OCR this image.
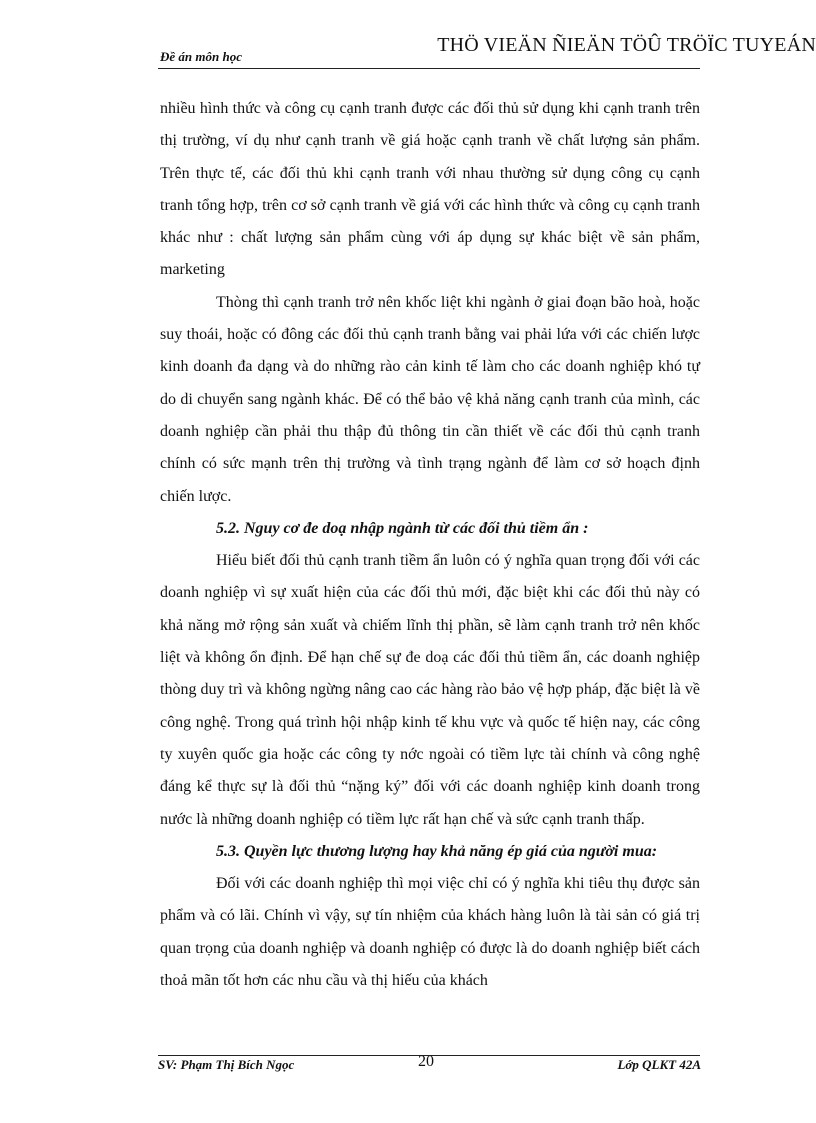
Đề án môn học
THÖ VIEÄN ÑIEÄN TÖÛ TRÖÏC TUYEÁN

nhiều hình thức và công cụ cạnh tranh được các đối thủ sử dụng khi cạnh tranh trên thị trường, ví dụ như cạnh tranh về giá hoặc cạnh tranh về chất lượng sản phẩm. Trên thực tế, các đối thủ khi cạnh tranh với nhau thường sử dụng công cụ cạnh tranh tổng hợp, trên cơ sở cạnh tranh về giá với các hình thức và công cụ cạnh tranh khác như : chất lượng sản phẩm cùng với áp dụng sự khác biệt về sản phẩm, marketing

Thòng thì cạnh tranh trở nên khốc liệt khi ngành ở giai đoạn bão hoà, hoặc suy thoái, hoặc có đông các đối thủ cạnh tranh bằng vai phải lứa với các chiến lược kinh doanh đa dạng và do những rào cản kinh tế làm cho các doanh nghiệp khó tự do di chuyển sang ngành khác. Để có thể bảo vệ khả năng cạnh tranh của mình, các doanh nghiệp cần phải thu thập đủ thông tin cần thiết về các đối thủ cạnh tranh chính có sức mạnh trên thị trường và tình trạng ngành để làm cơ sở hoạch định chiến lược.

5.2. Nguy cơ đe doạ nhập ngành từ các đối thủ tiềm ẩn :

Hiểu biết đối thủ cạnh tranh tiềm ẩn luôn có ý nghĩa quan trọng đối với các doanh nghiệp vì sự xuất hiện của các đối thủ mới, đặc biệt khi các đối thủ này có khả năng mở rộng sản xuất và chiếm lĩnh thị phần, sẽ làm cạnh tranh trở nên khốc liệt và không ổn định. Để hạn chế sự đe doạ các đối thủ tiềm ẩn, các doanh nghiệp thòng duy trì và không ngừng nâng cao các hàng rào bảo vệ hợp pháp, đặc biệt là về công nghệ. Trong quá trình hội nhập kinh tế khu vực và quốc tế hiện nay, các công ty xuyên quốc gia hoặc các công ty nớc ngoài có tiềm lực tài chính và công nghệ đáng kể thực sự là đối thủ “nặng ký” đối với các doanh nghiệp kinh doanh trong nước là những doanh nghiệp có tiềm lực rất hạn chế và sức cạnh tranh thấp.

5.3. Quyền lực thương lượng hay khả năng ép giá của người mua:

Đối với các doanh nghiệp thì mọi việc chỉ có ý nghĩa khi tiêu thụ được sản phẩm và có lãi. Chính vì vậy, sự tín nhiệm của khách hàng luôn là tài sản có giá trị quan trọng của doanh nghiệp và doanh nghiệp có được là do doanh nghiệp biết cách thoả mãn tốt hơn các nhu cầu và thị hiếu của khách

SV: Phạm Thị Bích Ngọc	20	Lớp QLKT 42A
